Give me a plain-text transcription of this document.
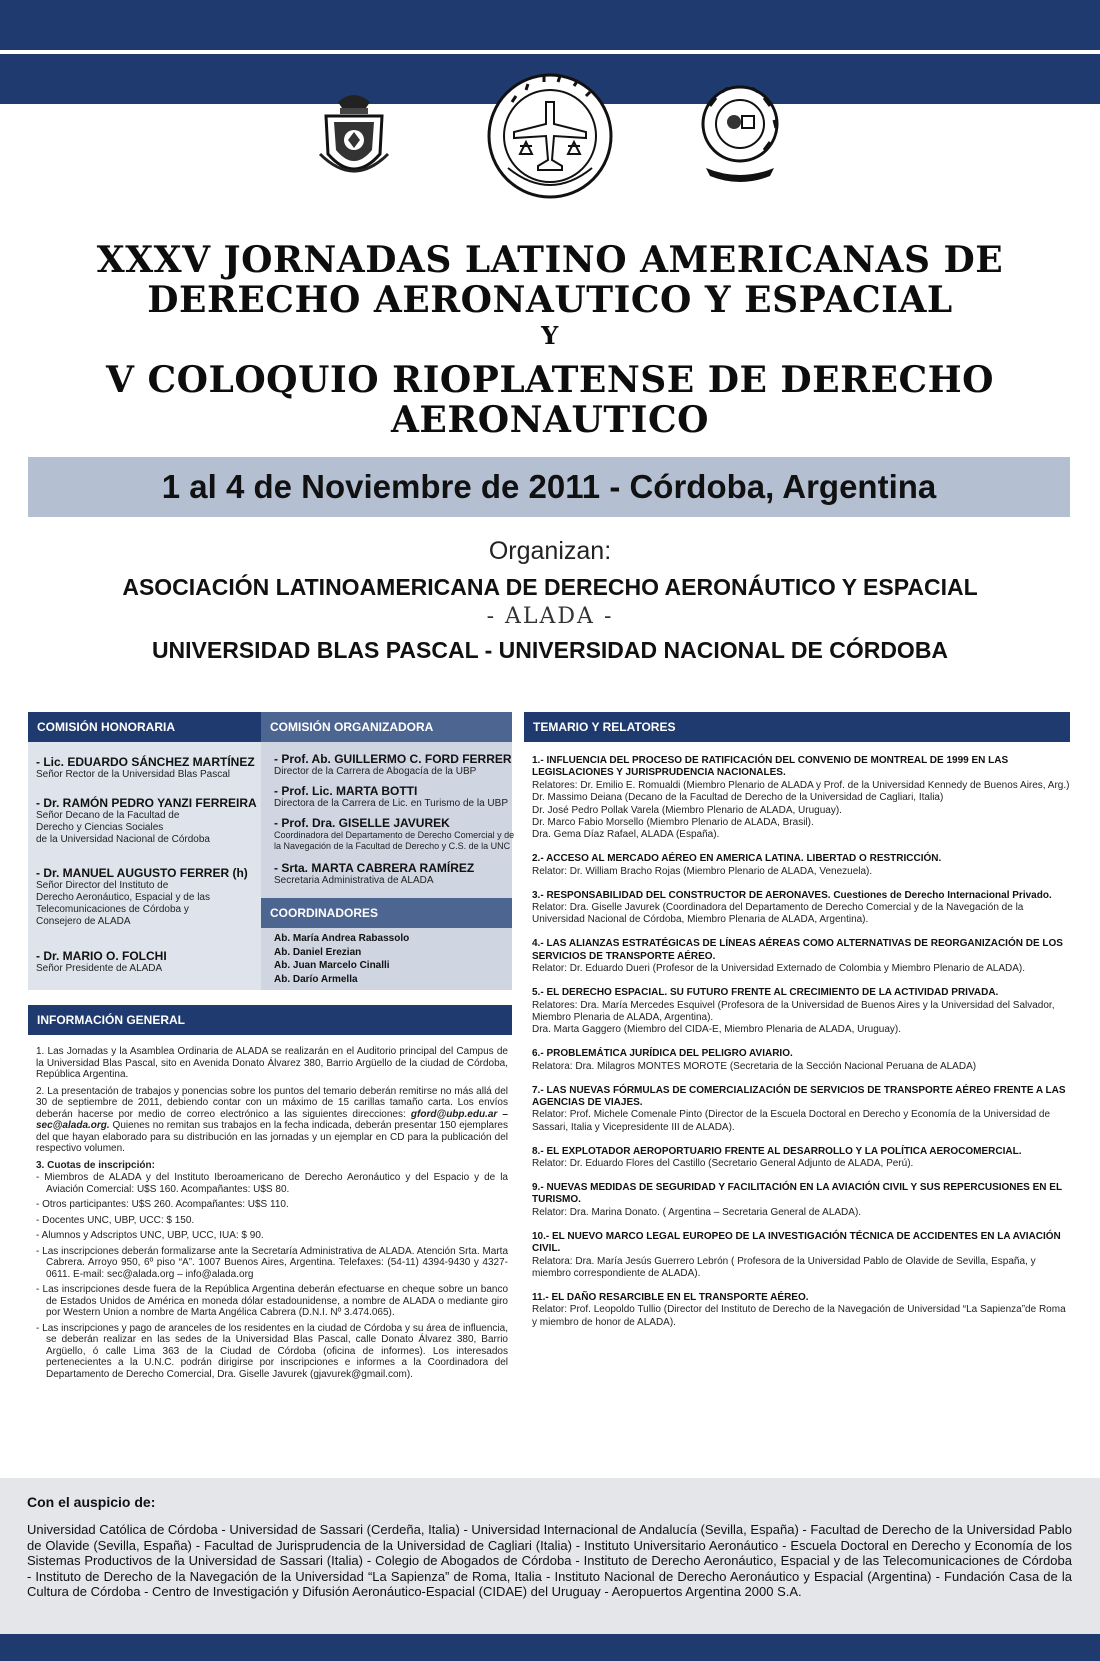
XXXV JORNADAS LATINO AMERICANAS DE
DERECHO AERONAUTICO Y ESPACIAL
Y
V COLOQUIO RIOPLATENSE DE DERECHO
AERONAUTICO
1 al 4 de Noviembre de 2011 - Córdoba, Argentina
Organizan:
ASOCIACIÓN LATINOAMERICANA DE DERECHO AERONÁUTICO Y ESPACIAL
- ALADA -
UNIVERSIDAD BLAS PASCAL - UNIVERSIDAD NACIONAL DE CÓRDOBA
COMISIÓN HONORARIA	COMISIÓN ORGANIZADORA
- Lic. EDUARDO SÁNCHEZ MARTÍNEZ
Señor Rector de la Universidad Blas Pascal
- Dr. RAMÓN PEDRO YANZI FERREIRA
Señor Decano de la Facultad de
Derecho y Ciencias Sociales
de la Universidad Nacional de Córdoba
- Dr. MANUEL AUGUSTO FERRER (h)
Señor Director del Instituto de
Derecho Aeronáutico, Espacial y de las
Telecomunicaciones de Córdoba y
Consejero de ALADA
- Dr. MARIO O. FOLCHI
Señor Presidente de ALADA
- Prof. Ab. GUILLERMO C. FORD FERRER
Director de la Carrera de Abogacía de la UBP
- Prof. Lic. MARTA BOTTI
Directora de la Carrera de Lic. en Turismo de la UBP
- Prof. Dra. GISELLE JAVUREK
Coordinadora del Departamento de Derecho Comercial y de
la Navegación de la Facultad de Derecho y C.S. de la UNC
- Srta. MARTA CABRERA RAMÍREZ
Secretaria Administrativa de ALADA
COORDINADORES
Ab. María Andrea Rabassolo
Ab. Daniel Erezian
Ab. Juan Marcelo Cinalli
Ab. Darío Armella
INFORMACIÓN GENERAL
1. Las Jornadas y la Asamblea Ordinaria de ALADA se realizarán en el Auditorio principal del Campus de la Universidad Blas Pascal, sito en Avenida Donato Álvarez 380, Barrio Argüello de la ciudad de Córdoba, República Argentina.
2. La presentación de trabajos y ponencias sobre los puntos del temario deberán remitirse no más allá del 30 de septiembre de 2011, debiendo contar con un máximo de 15 carillas tamaño carta. Los envíos deberán hacerse por medio de correo electrónico a las siguientes direcciones: gford@ubp.edu.ar – sec@alada.org. Quienes no remitan sus trabajos en la fecha indicada, deberán presentar 150 ejemplares del que hayan elaborado para su distribución en las jornadas y un ejemplar en CD para la publicación del respectivo volumen.
3. Cuotas de inscripción:
- Miembros de ALADA y del Instituto Iberoamericano de Derecho Aeronáutico y del Espacio y de la Aviación Comercial: U$S 160. Acompañantes: U$S 80.
- Otros participantes: U$S 260. Acompañantes: U$S 110.
- Docentes UNC, UBP, UCC: $ 150.
- Alumnos y Adscriptos UNC, UBP, UCC, IUA: $ 90.
- Las inscripciones deberán formalizarse ante la Secretaría Administrativa de ALADA. Atención Srta. Marta Cabrera. Arroyo 950, 6º piso “A”. 1007 Buenos Aires, Argentina. Telefaxes: (54-11) 4394-9430 y 4327-0611. E-mail: sec@alada.org – info@alada.org
- Las inscripciones desde fuera de la República Argentina deberán efectuarse en cheque sobre un banco de Estados Unidos de América en moneda dólar estadounidense, a nombre de ALADA o mediante giro por Western Union a nombre de Marta Angélica Cabrera (D.N.I. Nº 3.474.065).
- Las inscripciones y pago de aranceles de los residentes en la ciudad de Córdoba y su área de influencia, se deberán realizar en las sedes de la Universidad Blas Pascal, calle Donato Álvarez 380, Barrio Argüello, ó calle Lima 363 de la Ciudad de Córdoba (oficina de informes). Los interesados pertenecientes a la U.N.C. podrán dirigirse por inscripciones e informes a la Coordinadora del Departamento de Derecho Comercial, Dra. Giselle Javurek (gjavurek@gmail.com).
TEMARIO Y RELATORES
1.- INFLUENCIA DEL PROCESO DE RATIFICACIÓN DEL CONVENIO DE MONTREAL DE 1999 EN LAS LEGISLACIONES Y JURISPRUDENCIA NACIONALES.
Relatores: Dr. Emilio E. Romualdi (Miembro Plenario de ALADA y Prof. de la Universidad Kennedy de Buenos Aires, Arg.)
Dr. Massimo Deiana (Decano de la Facultad de Derecho de la Universidad de Cagliari, Italia)
Dr. José Pedro Pollak Varela (Miembro Plenario de ALADA, Uruguay).
Dr. Marco Fabio Morsello (Miembro Plenario de ALADA, Brasil).
Dra. Gema Díaz Rafael, ALADA (España).
2.- ACCESO AL MERCADO AÉREO EN AMERICA LATINA. LIBERTAD O RESTRICCIÓN.
Relator: Dr. William Bracho Rojas (Miembro Plenario de ALADA, Venezuela).
3.- RESPONSABILIDAD DEL CONSTRUCTOR DE AERONAVES. Cuestiones de Derecho Internacional Privado.
Relator: Dra. Giselle Javurek (Coordinadora del Departamento de Derecho Comercial y de la Navegación de la Universidad Nacional de Córdoba, Miembro Plenaria de ALADA, Argentina).
4.- LAS ALIANZAS ESTRATÉGICAS DE LÍNEAS AÉREAS COMO ALTERNATIVAS DE REORGANIZACIÓN DE LOS SERVICIOS DE TRANSPORTE AÉREO.
Relator: Dr. Eduardo Dueri (Profesor de la Universidad Externado de Colombia y Miembro Plenario de ALADA).
5.- EL DERECHO ESPACIAL. SU FUTURO FRENTE AL CRECIMIENTO DE LA ACTIVIDAD PRIVADA.
Relatores: Dra. María Mercedes Esquivel (Profesora de la Universidad de Buenos Aires y la Universidad del Salvador, Miembro Plenaria de ALADA, Argentina).
Dra. Marta Gaggero (Miembro del CIDA-E, Miembro Plenaria de ALADA, Uruguay).
6.- PROBLEMÁTICA JURÍDICA DEL PELIGRO AVIARIO.
Relatora: Dra. Milagros MONTES MOROTE (Secretaria de la Sección Nacional Peruana de ALADA)
7.- LAS NUEVAS FÓRMULAS DE COMERCIALIZACIÓN DE SERVICIOS DE TRANSPORTE AÉREO FRENTE A LAS AGENCIAS DE VIAJES.
Relator: Prof. Michele Comenale Pinto (Director de la Escuela Doctoral en Derecho y Economía de la Universidad de Sassari, Italia y Vicepresidente III de ALADA).
8.- EL EXPLOTADOR AEROPORTUARIO FRENTE AL DESARROLLO Y LA POLÍTICA AEROCOMERCIAL.
Relator: Dr. Eduardo Flores del Castillo (Secretario General Adjunto de ALADA, Perú).
9.- NUEVAS MEDIDAS DE SEGURIDAD Y FACILITACIÓN EN LA AVIACIÓN CIVIL Y SUS REPERCUSIONES EN EL TURISMO.
Relator: Dra. Marina Donato. ( Argentina – Secretaria General de ALADA).
10.- EL NUEVO MARCO LEGAL EUROPEO DE LA INVESTIGACIÓN TÉCNICA DE ACCIDENTES EN LA AVIACIÓN CIVIL.
Relatora: Dra. María Jesús Guerrero Lebrón ( Profesora de la Universidad Pablo de Olavide de Sevilla, España, y miembro correspondiente de ALADA).
11.- EL DAÑO RESARCIBLE EN EL TRANSPORTE AÉREO.
Relator: Prof. Leopoldo Tullio (Director del Instituto de Derecho de la Navegación de Universidad “La Sapienza”de Roma y miembro de honor de ALADA).
Con el auspicio de:
Universidad Católica de Córdoba - Universidad de Sassari (Cerdeña, Italia) - Universidad Internacional de Andalucía (Sevilla, España) - Facultad de Derecho de la Universidad Pablo de Olavide (Sevilla, España) - Facultad de Jurisprudencia de la Universidad de Cagliari (Italia) - Instituto Universitario Aeronáutico - Escuela Doctoral en Derecho y Economía de los Sistemas Productivos de la Universidad de Sassari (Italia) - Colegio de Abogados de Córdoba - Instituto de Derecho Aeronáutico, Espacial y de las Telecomunicaciones de Córdoba - Instituto de Derecho de la Navegación de la Universidad “La Sapienza” de Roma, Italia - Instituto Nacional de Derecho Aeronáutico y Espacial (Argentina) - Fundación Casa de la Cultura de Córdoba - Centro de Investigación y Difusión Aeronáutico-Espacial (CIDAE) del Uruguay - Aeropuertos Argentina 2000 S.A.
